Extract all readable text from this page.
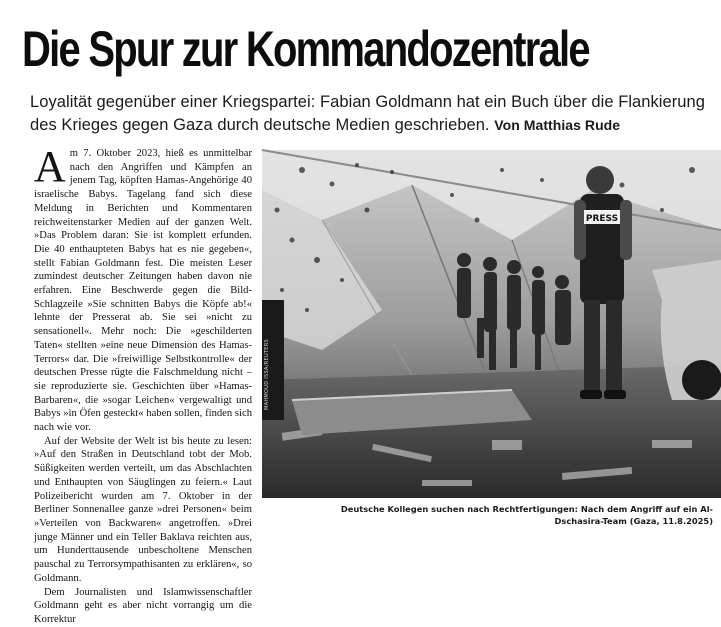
Die Spur zur Kommandozentrale
Loyalität gegenüber einer Kriegspartei: Fabian Goldmann hat ein Buch über die Flankierung des Krieges gegen Gaza durch deutsche Medien geschrieben. Von Matthias Rude

Am 7. Oktober 2023, hieß es unmittelbar nach den Angriffen und Kämpfen an jenem Tag, köpften Hamas-Angehörige 40 israelische Babys. Tagelang fand sich diese Meldung in Berichten und Kommentaren reichweitenstarker Medien auf der ganzen Welt. »Das Problem daran: Sie ist komplett erfunden. Die 40 enthaupteten Babys hat es nie gegeben«, stellt Fabian Goldmann fest. Die meisten Leser zumindest deutscher Zeitungen haben davon nie erfahren. Eine Beschwerde gegen die Bild-Schlagzeile »Sie schnitten Babys die Köpfe ab!« lehnte der Presserat ab. Sie sei »nicht zu sensationell«. Mehr noch: Die »geschilderten Taten« stellten »eine neue Dimension des Hamas-Terrors« dar. Die »freiwillige Selbstkontrolle« der deutschen Presse rügte die Falschmeldung nicht – sie reproduzierte sie. Geschichten über »Hamas-Barbaren«, die »sogar Leichen« vergewaltigt und Babys »in Öfen gesteckt« haben sollen, finden sich nach wie vor.

Auf der Website der Welt ist bis heute zu lesen: »Auf den Straßen in Deutschland tobt der Mob. Süßigkeiten werden verteilt, um das Abschlachten und Enthaupten von Säuglingen zu feiern.« Laut Polizeibericht wurden am 7. Oktober in der Berliner Sonnenallee ganze »drei Personen« beim »Verteilen von Backwaren« angetroffen. »Drei junge Männer und ein Teller Baklava reichten aus, um Hunderttausende unbescholtene Menschen pauschal zu Terrorsympathisanten zu erklären«, so Goldmann.

Dem Journalisten und Islamwissenschaftler Goldmann geht es aber nicht vorrangig um die Korrektur

PRESS
MAHMOUD ISSA/REUTERS
Deutsche Kollegen suchen nach Rechtfertigungen: Nach dem Angriff auf ein Al-Dschasira-Team (Gaza, 11.8.2025)
